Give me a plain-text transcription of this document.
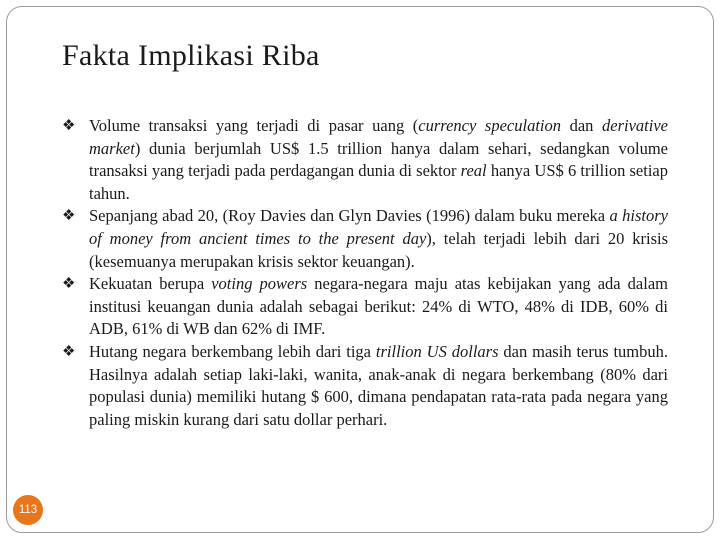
Fakta Implikasi Riba
❖ Volume transaksi yang terjadi di pasar uang (currency speculation dan derivative market) dunia berjumlah US$ 1.5 trillion hanya dalam sehari, sedangkan volume transaksi yang terjadi pada perdagangan dunia di sektor real hanya US$ 6 trillion setiap tahun.
❖ Sepanjang abad 20, (Roy Davies dan Glyn Davies (1996) dalam buku mereka a history of money from ancient times to the present day), telah terjadi lebih dari 20 krisis (kesemuanya merupakan krisis sektor keuangan).
❖ Kekuatan berupa voting powers negara-negara maju atas kebijakan yang ada dalam institusi keuangan dunia adalah sebagai berikut: 24% di WTO, 48% di IDB, 60% di ADB, 61% di WB dan 62% di IMF.
❖ Hutang negara berkembang lebih dari tiga trillion US dollars dan masih terus tumbuh. Hasilnya adalah setiap laki-laki, wanita, anak-anak di negara berkembang (80% dari populasi dunia) memiliki hutang $ 600, dimana pendapatan rata-rata pada negara yang paling miskin kurang dari satu dollar perhari.
113
